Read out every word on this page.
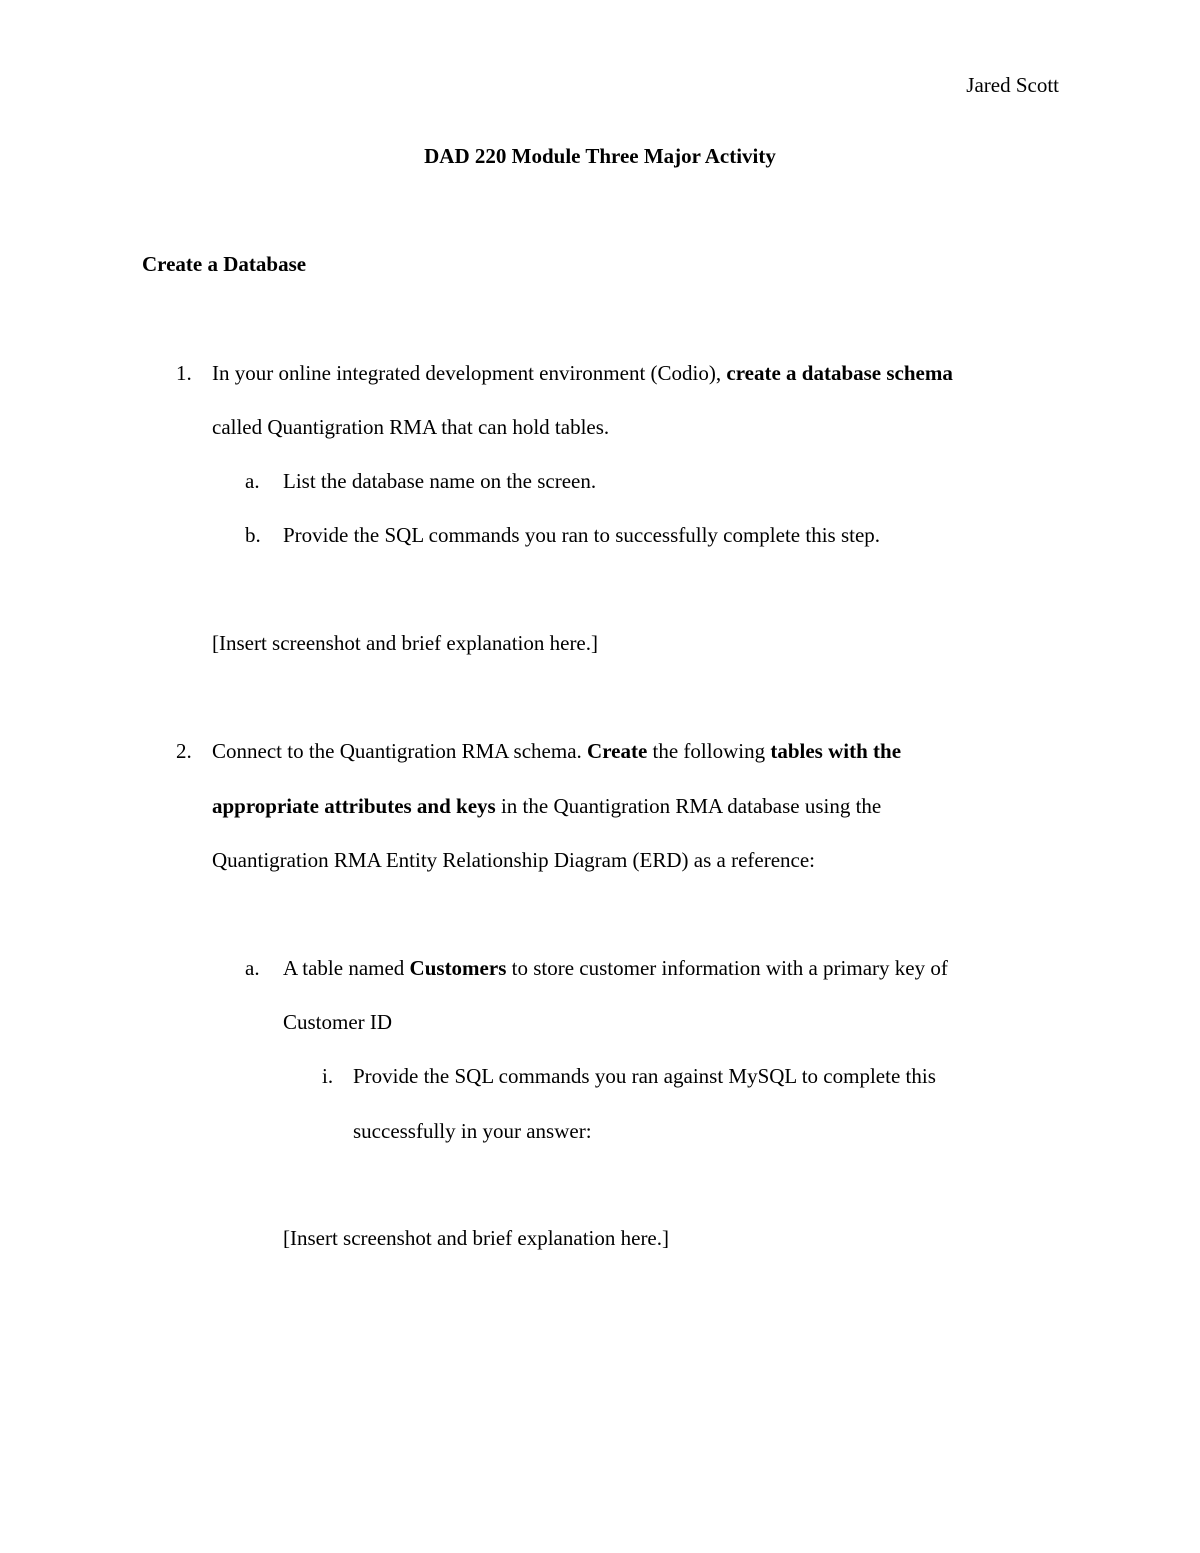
Jared Scott
DAD 220 Module Three Major Activity
Create a Database
1. In your online integrated development environment (Codio), create a database schema
called Quantigration RMA that can hold tables.
a. List the database name on the screen.
b. Provide the SQL commands you ran to successfully complete this step.
[Insert screenshot and brief explanation here.]
2. Connect to the Quantigration RMA schema. Create the following tables with the
appropriate attributes and keys in the Quantigration RMA database using the
Quantigration RMA Entity Relationship Diagram (ERD) as a reference:
a. A table named Customers to store customer information with a primary key of
Customer ID
i. Provide the SQL commands you ran against MySQL to complete this
successfully in your answer:
[Insert screenshot and brief explanation here.]
